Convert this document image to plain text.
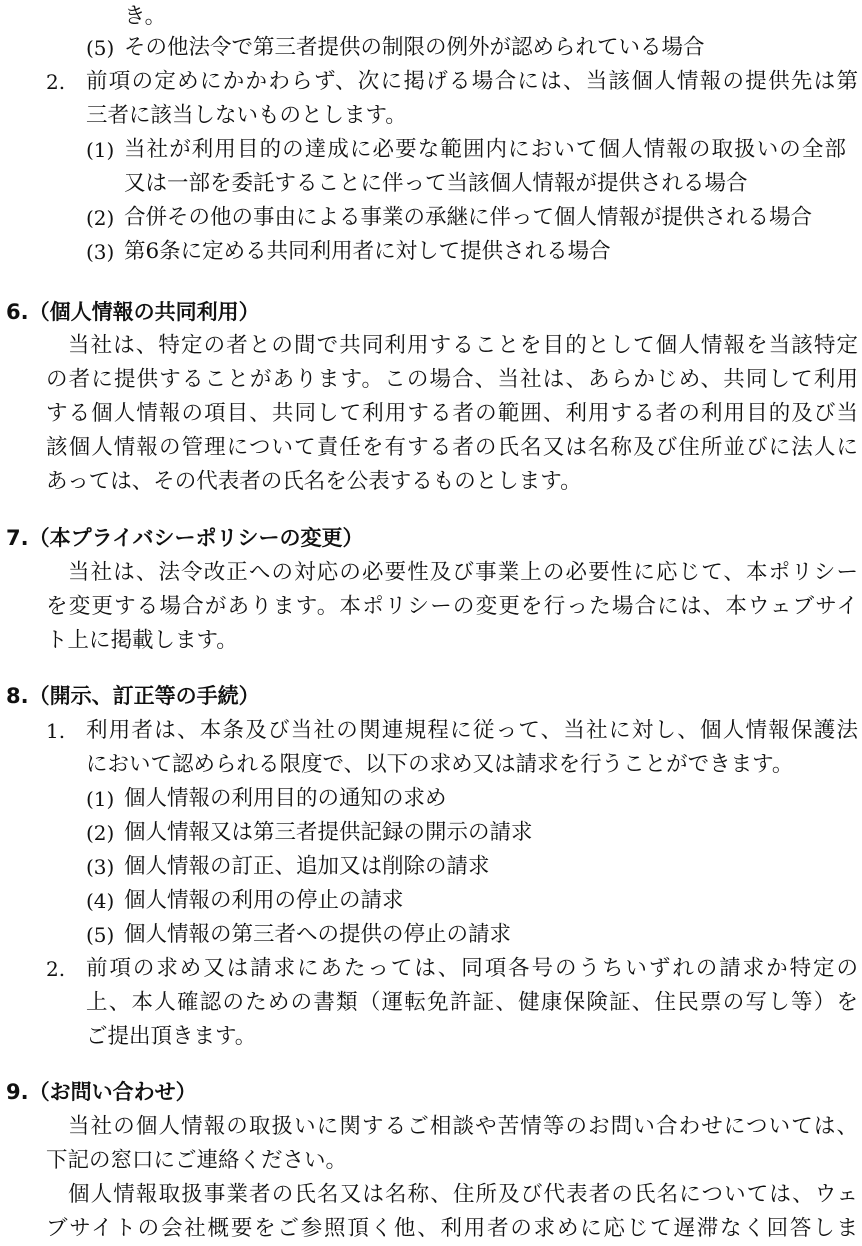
き。
(5) その他法令で第三者提供の制限の例外が認められている場合
2. 前項の定めにかかわらず、次に掲げる場合には、当該個人情報の提供先は第
三者に該当しないものとします。
(1) 当社が利用目的の達成に必要な範囲内において個人情報の取扱いの全部
又は一部を委託することに伴って当該個人情報が提供される場合
(2) 合併その他の事由による事業の承継に伴って個人情報が提供される場合
(3) 第6条に定める共同利用者に対して提供される場合
6.（個人情報の共同利用）
当社は、特定の者との間で共同利用することを目的として個人情報を当該特定
の者に提供することがあります。この場合、当社は、あらかじめ、共同して利用
する個人情報の項目、共同して利用する者の範囲、利用する者の利用目的及び当
該個人情報の管理について責任を有する者の氏名又は名称及び住所並びに法人に
あっては、その代表者の氏名を公表するものとします。
7.（本プライバシーポリシーの変更）
当社は、法令改正への対応の必要性及び事業上の必要性に応じて、本ポリシー
を変更する場合があります。本ポリシーの変更を行った場合には、本ウェブサイ
ト上に掲載します。
8.（開示、訂正等の手続）
1. 利用者は、本条及び当社の関連規程に従って、当社に対し、個人情報保護法
において認められる限度で、以下の求め又は請求を行うことができます。
(1) 個人情報の利用目的の通知の求め
(2) 個人情報又は第三者提供記録の開示の請求
(3) 個人情報の訂正、追加又は削除の請求
(4) 個人情報の利用の停止の請求
(5) 個人情報の第三者への提供の停止の請求
2. 前項の求め又は請求にあたっては、同項各号のうちいずれの請求か特定の
上、本人確認のための書類（運転免許証、健康保険証、住民票の写し等）を
ご提出頂きます。
9.（お問い合わせ）
当社の個人情報の取扱いに関するご相談や苦情等のお問い合わせについては、
下記の窓口にご連絡ください。
個人情報取扱事業者の氏名又は名称、住所及び代表者の氏名については、ウェ
ブサイトの会社概要をご参照頂く他、利用者の求めに応じて遅滞なく回答しま
